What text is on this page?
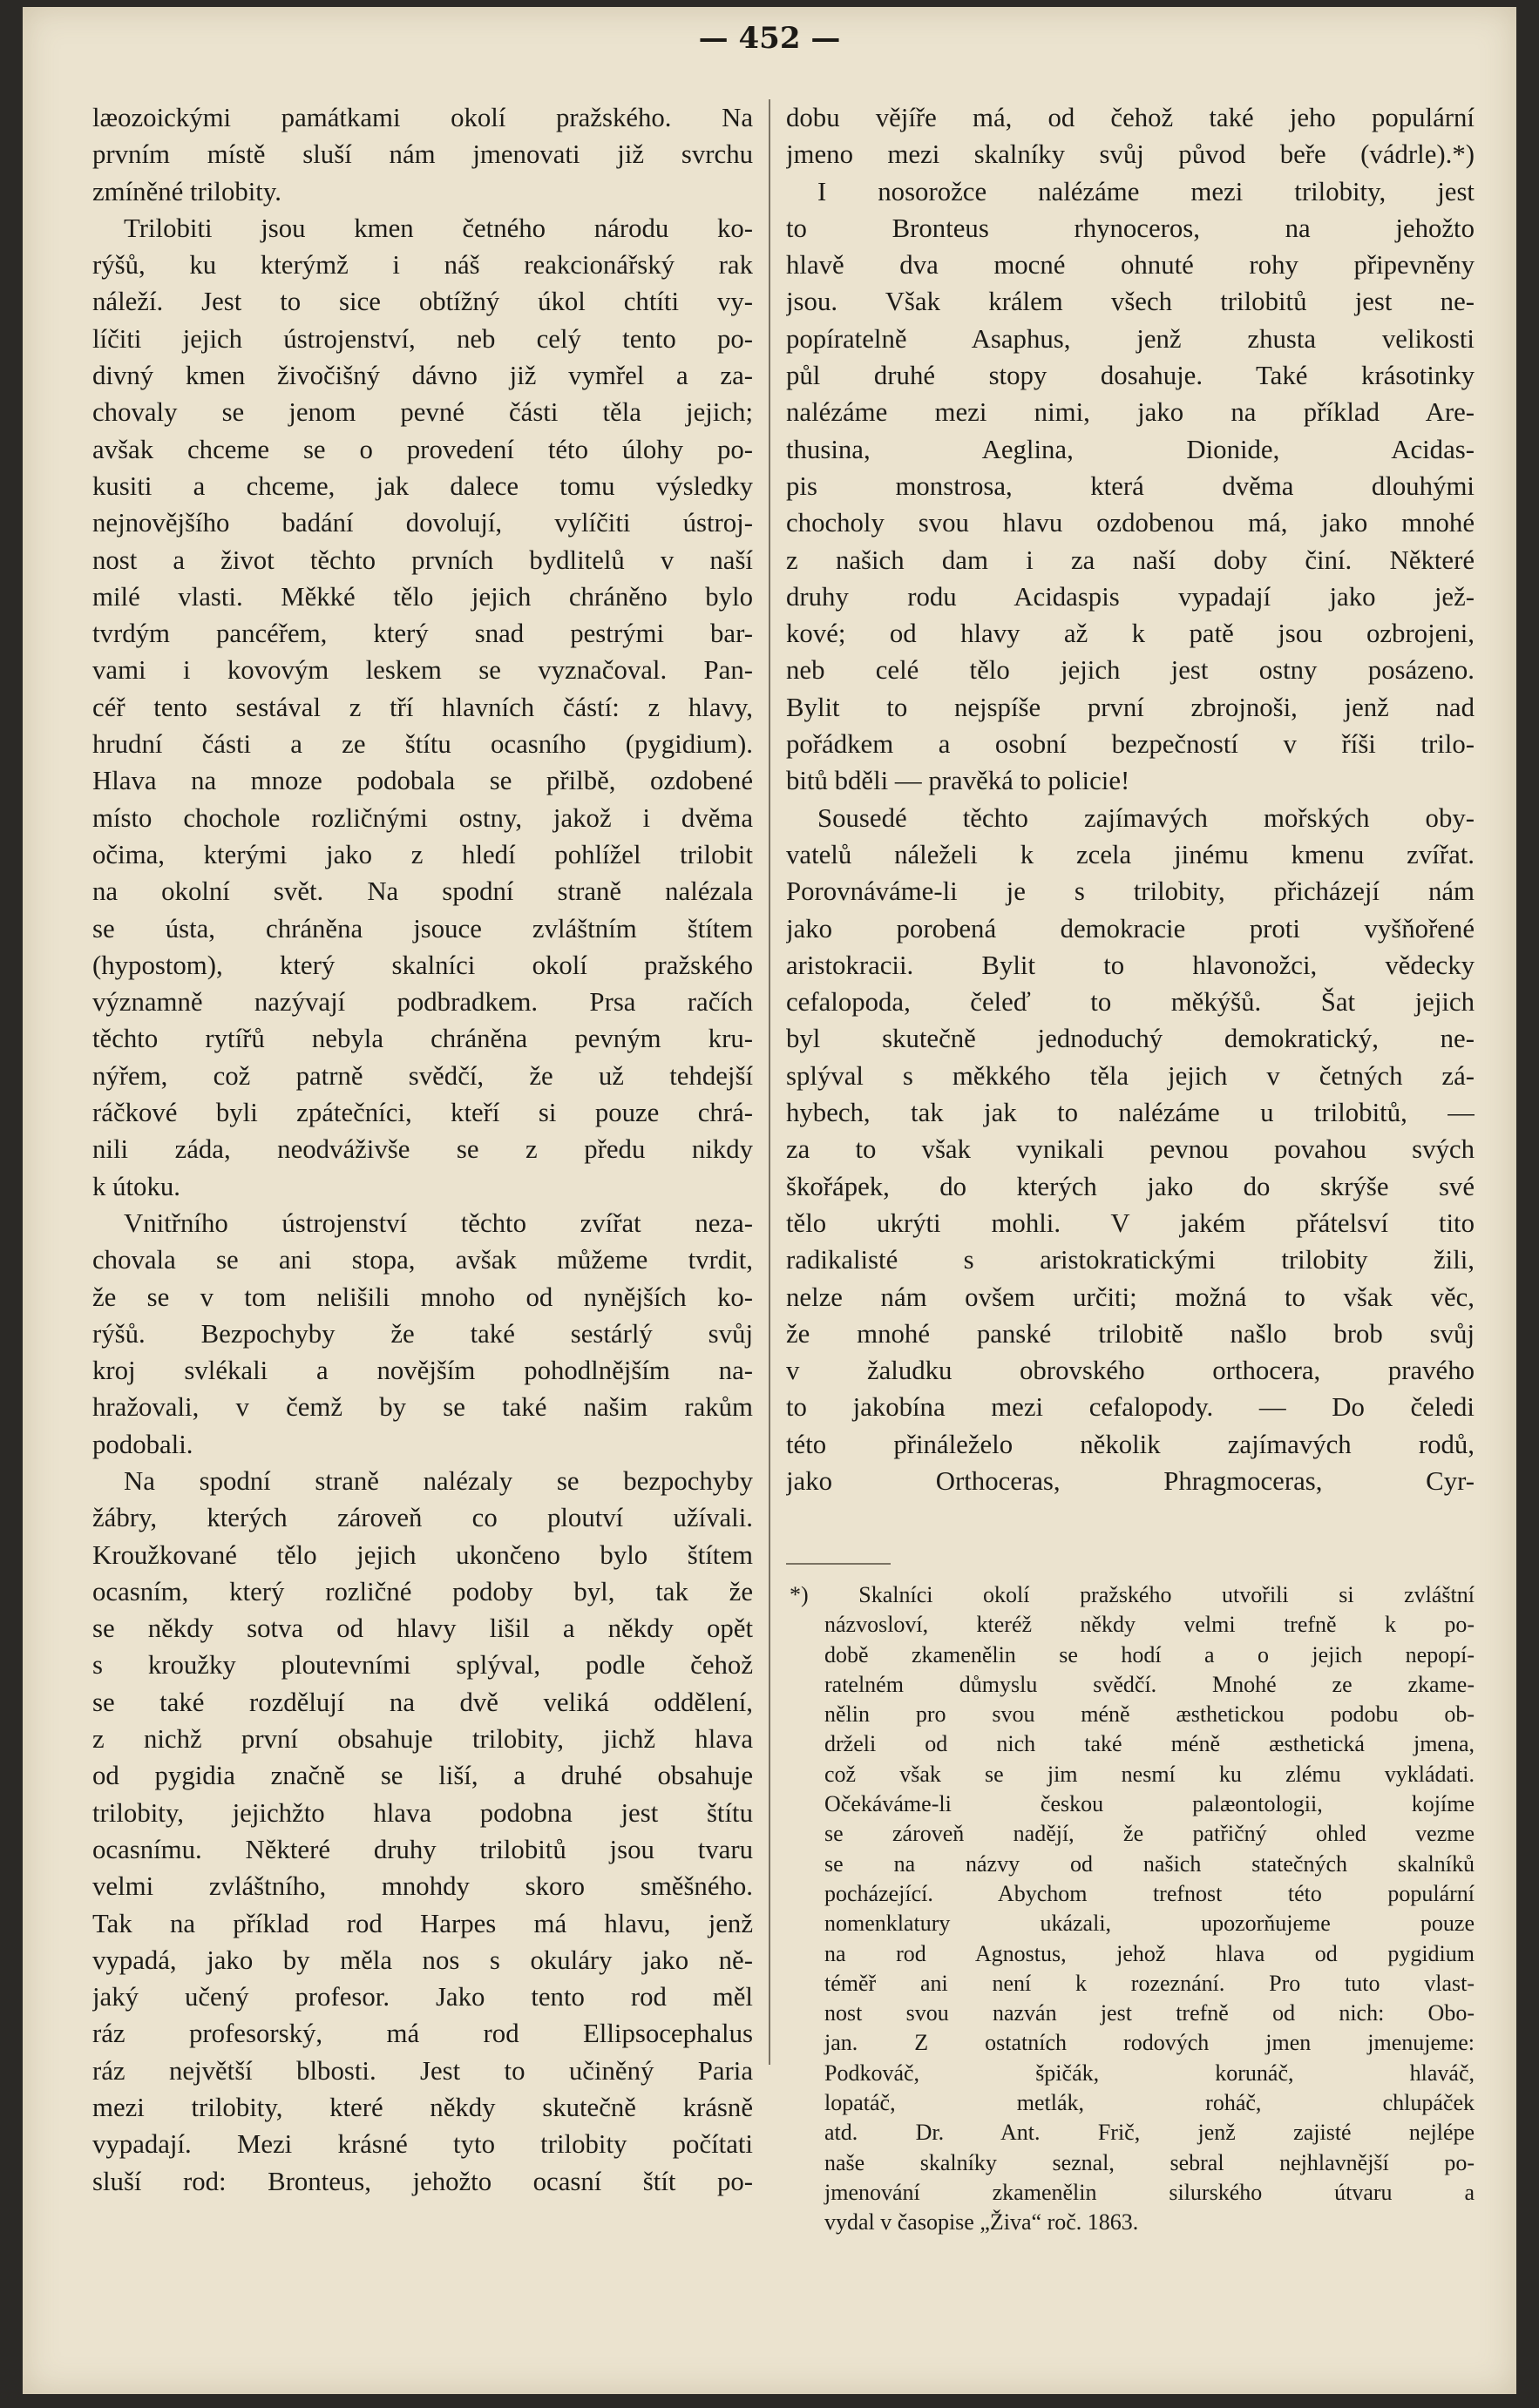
— 452 —
læozoickými památkami okolí pražského. Na
prvním místě sluší nám jmenovati již svrchu
zmíněné trilobity.
Trilobiti jsou kmen četného národu ko-
rýšů, ku kterýmž i náš reakcionářský rak
náleží. Jest to sice obtížný úkol chtíti vy-
líčiti jejich ústrojenství, neb celý tento po-
divný kmen živočišný dávno již vymřel a za-
chovaly se jenom pevné části těla jejich;
avšak chceme se o provedení této úlohy po-
kusiti a chceme, jak dalece tomu výsledky
nejnovějšího badání dovolují, vylíčiti ústroj-
nost a život těchto prvních bydlitelů v naší
milé vlasti. Měkké tělo jejich chráněno bylo
tvrdým pancéřem, který snad pestrými bar-
vami i kovovým leskem se vyznačoval. Pan-
céř tento sestával z tří hlavních částí: z hlavy,
hrudní části a ze štítu ocasního (pygidium).
Hlava na mnoze podobala se přilbě, ozdobené
místo chochole rozličnými ostny, jakož i dvěma
očima, kterými jako z hledí pohlížel trilobit
na okolní svět. Na spodní straně nalézala
se ústa, chráněna jsouce zvláštním štítem
(hypostom), který skalníci okolí pražského
významně nazývají podbradkem. Prsa račích
těchto rytířů nebyla chráněna pevným kru-
nýřem, což patrně svědčí, že už tehdejší
ráčkové byli zpátečníci, kteří si pouze chrá-
nili záda, neodváživše se z předu nikdy
k útoku.
Vnitřního ústrojenství těchto zvířat neza-
chovala se ani stopa, avšak můžeme tvrdit,
že se v tom nelišili mnoho od nynějších ko-
rýšů. Bezpochyby že také sestárlý svůj
kroj svlékali a novějším pohodlnějším na-
hražovali, v čemž by se také našim rakům
podobali.
Na spodní straně nalézaly se bezpochyby
žábry, kterých zároveň co ploutví užívali.
Kroužkované tělo jejich ukončeno bylo štítem
ocasním, který rozličné podoby byl, tak že
se někdy sotva od hlavy lišil a někdy opět
s kroužky ploutevními splýval, podle čehož
se také rozdělují na dvě veliká oddělení,
z nichž první obsahuje trilobity, jichž hlava
od pygidia značně se liší, a druhé obsahuje
trilobity, jejichžto hlava podobna jest štítu
ocasnímu. Některé druhy trilobitů jsou tvaru
velmi zvláštního, mnohdy skoro směšného.
Tak na příklad rod Harpes má hlavu, jenž
vypadá, jako by měla nos s okuláry jako ně-
jaký učený profesor. Jako tento rod měl
ráz profesorský, má rod Ellipsocephalus
ráz největší blbosti. Jest to učiněný Paria
mezi trilobity, které někdy skutečně krásně
vypadají. Mezi krásné tyto trilobity počítati
sluší rod: Bronteus, jehožto ocasní štít po-
dobu vějíře má, od čehož také jeho populární
jmeno mezi skalníky svůj původ beře (vádrle).*)
I nosorožce nalézáme mezi trilobity, jest
to Bronteus rhynoceros, na jehožto
hlavě dva mocné ohnuté rohy připevněny
jsou. Však králem všech trilobitů jest ne-
popíratelně Asaphus, jenž zhusta velikosti
půl druhé stopy dosahuje. Také krásotinky
nalézáme mezi nimi, jako na příklad Are-
thusina, Aeglina, Dionide, Acidas-
pis monstrosa, která dvěma dlouhými
chocholy svou hlavu ozdobenou má, jako mnohé
z našich dam i za naší doby činí. Některé
druhy rodu Acidaspis vypadají jako jež-
kové; od hlavy až k patě jsou ozbrojeni,
neb celé tělo jejich jest ostny posázeno.
Bylit to nejspíše první zbrojnoši, jenž nad
pořádkem a osobní bezpečností v říši trilo-
bitů bděli — pravěká to policie!
Sousedé těchto zajímavých mořských oby-
vatelů náleželi k zcela jinému kmenu zvířat.
Porovnáváme-li je s trilobity, přicházejí nám
jako porobená demokracie proti vyšňořené
aristokracii. Bylit to hlavonožci, vědecky
cefalopoda, čeleď to měkýšů. Šat jejich
byl skutečně jednoduchý demokratický, ne-
splýval s měkkého těla jejich v četných zá-
hybech, tak jak to nalézáme u trilobitů, —
za to však vynikali pevnou povahou svých
škořápek, do kterých jako do skrýše své
tělo ukrýti mohli. V jakém přátelsví tito
radikalisté s aristokratickými trilobity žili,
nelze nám ovšem určiti; možná to však věc,
že mnohé panské trilobitě našlo brob svůj
v žaludku obrovského orthocera, pravého
to jakobína mezi cefalopody. — Do čeledi
této přináleželo několik zajímavých rodů,
jako Orthoceras, Phragmoceras, Cyr-
*) Skalníci okolí pražského utvořili si zvláštní
názvosloví, kteréž někdy velmi trefně k po-
době zkamenělin se hodí a o jejich nepopí-
ratelném důmyslu svědčí. Mnohé ze zkame-
nělin pro svou méně æsthetickou podobu ob-
drželi od nich také méně æsthetická jmena,
což však se jim nesmí ku zlému vykládati.
Očekáváme-li českou palæontologii, kojíme
se zároveň nadějí, že patřičný ohled vezme
se na názvy od našich statečných skalníků
pocházející. Abychom trefnost této populární
nomenklatury ukázali, upozorňujeme pouze
na rod Agnostus, jehož hlava od pygidium
téměř ani není k rozeznání. Pro tuto vlast-
nost svou nazván jest trefně od nich: Obo-
jan. Z ostatních rodových jmen jmenujeme:
Podkováč, špičák, korunáč, hlaváč,
lopatáč, metlák, roháč, chlupáček
atd. Dr. Ant. Frič, jenž zajisté nejlépe
naše skalníky seznal, sebral nejhlavnější po-
jmenování zkamenělin silurského útvaru a
vydal v časopise „Živa“ roč. 1863.
